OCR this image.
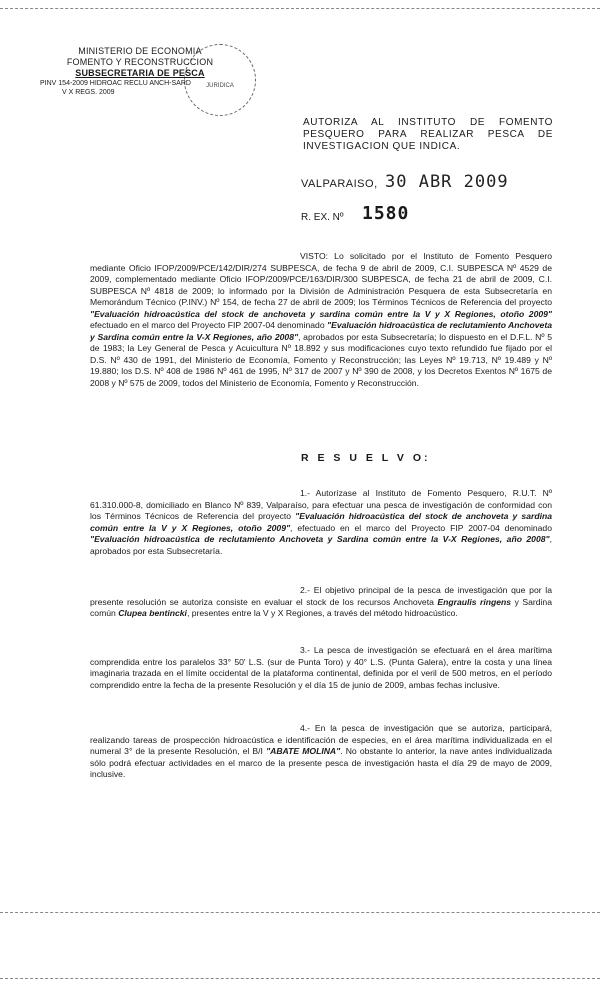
JURIDICA
MINISTERIO DE ECONOMIA
FOMENTO Y RECONSTRUCCION
SUBSECRETARIA DE PESCA
PINV 154-2009 HIDROAC RECLU ANCH-SARD
V X REGS. 2009
AUTORIZA AL INSTITUTO DE FOMENTO PESQUERO PARA REALIZAR PESCA DE INVESTIGACION QUE INDICA.
VALPARAISO, 30 ABR 2009
R. EX. Nº 1580
VISTO: Lo solicitado por el Instituto de Fomento Pesquero mediante Oficio IFOP/2009/PCE/142/DIR/274 SUBPESCA, de fecha 9 de abril de 2009, C.I. SUBPESCA Nº 4529 de 2009, complementado mediante Oficio IFOP/2009/PCE/163/DIR/300 SUBPESCA, de fecha 21 de abril de 2009, C.I. SUBPESCA Nº 4818 de 2009; lo informado por la División de Administración Pesquera de esta Subsecretaría en Memorándum Técnico (P.INV.) Nº 154, de fecha 27 de abril de 2009; los Términos Técnicos de Referencia del proyecto "Evaluación hidroacústica del stock de anchoveta y sardina común entre la V y X Regiones, otoño 2009" efectuado en el marco del Proyecto FIP 2007-04 denominado "Evaluación hidroacústica de reclutamiento Anchoveta y Sardina común entre la V-X Regiones, año 2008", aprobados por esta Subsecretaría; lo dispuesto en el D.F.L. Nº 5 de 1983; la Ley General de Pesca y Acuicultura Nº 18.892 y sus modificaciones cuyo texto refundido fue fijado por el D.S. Nº 430 de 1991, del Ministerio de Economía, Fomento y Reconstrucción; las Leyes Nº 19.713, Nº 19.489 y Nº 19.880; los D.S. Nº 408 de 1986 Nº 461 de 1995, Nº 317 de 2007 y Nº 390 de 2008, y los Decretos Exentos Nº 1675 de 2008 y Nº 575 de 2009, todos del Ministerio de Economía, Fomento y Reconstrucción.
R E S U E L V O:
1.- Autorízase al Instituto de Fomento Pesquero, R.U.T. Nº 61.310.000-8, domiciliado en Blanco Nº 839, Valparaíso, para efectuar una pesca de investigación de conformidad con los Términos Técnicos de Referencia del proyecto "Evaluación hidroacústica del stock de anchoveta y sardina común entre la V y X Regiones, otoño 2009", efectuado en el marco del Proyecto FIP 2007-04 denominado "Evaluación hidroacústica de reclutamiento Anchoveta y Sardina común entre la V-X Regiones, año 2008", aprobados por esta Subsecretaría.
2.- El objetivo principal de la pesca de investigación que por la presente resolución se autoriza consiste en evaluar el stock de los recursos Anchoveta Engraulis ringens y Sardina común Clupea bentincki, presentes entre la V y X Regiones, a través del método hidroacústico.
3.- La pesca de investigación se efectuará en el área marítima comprendida entre los paralelos 33° 50' L.S. (sur de Punta Toro) y 40° L.S. (Punta Galera), entre la costa y una línea imaginaria trazada en el límite occidental de la plataforma continental, definida por el veril de 500 metros, en el período comprendido entre la fecha de la presente Resolución y el día 15 de junio de 2009, ambas fechas inclusive.
4.- En la pesca de investigación que se autoriza, participará, realizando tareas de prospección hidroacústica e identificación de especies, en el área marítima individualizada en el numeral 3° de la presente Resolución, el B/I "ABATE MOLINA". No obstante lo anterior, la nave antes individualizada sólo podrá efectuar actividades en el marco de la presente pesca de investigación hasta el día 29 de mayo de 2009, inclusive.
